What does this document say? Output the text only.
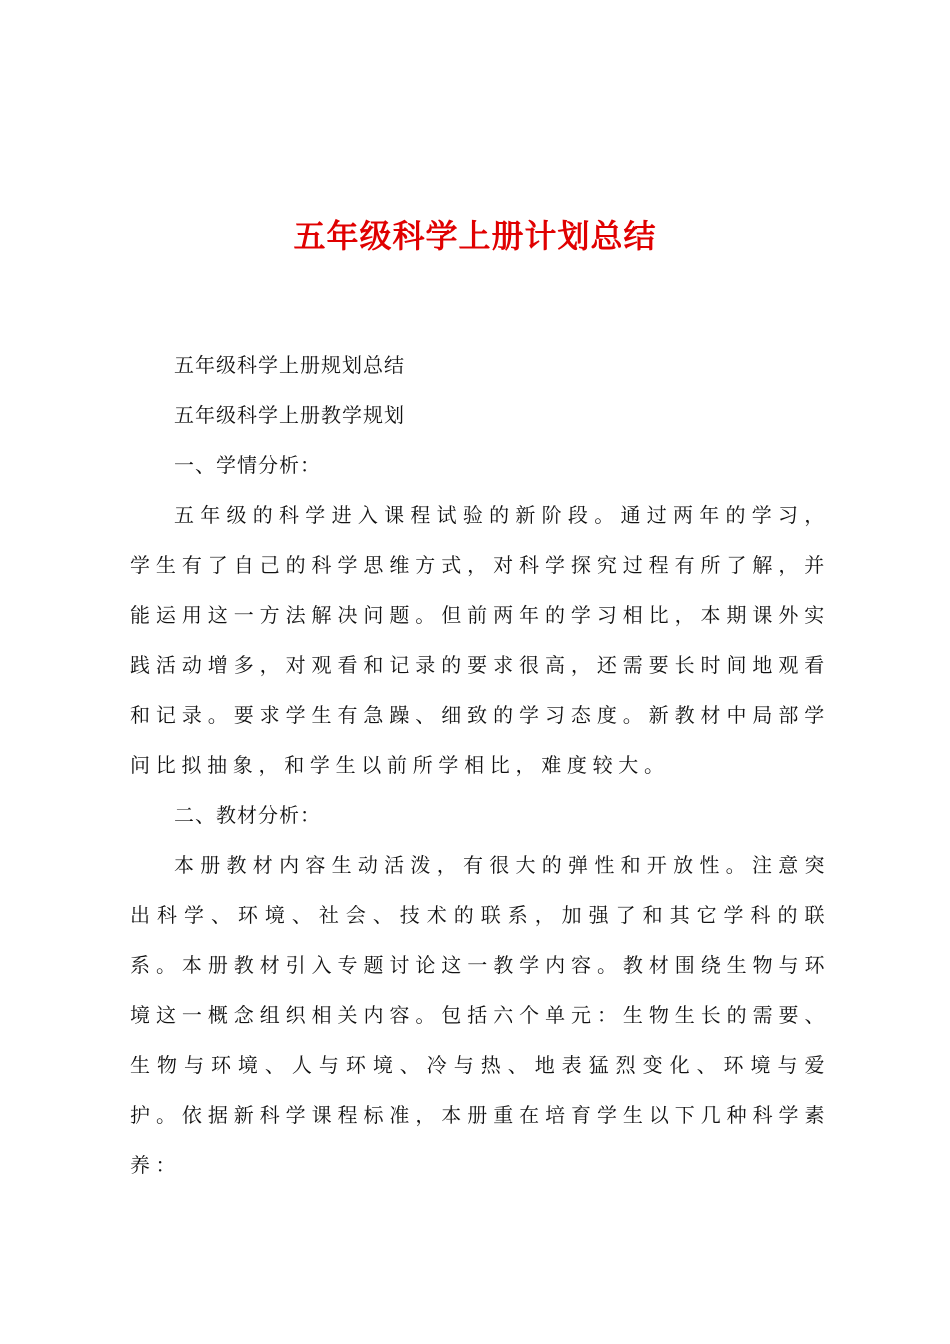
五年级科学上册计划总结

五年级科学上册规划总结

五年级科学上册教学规划

一、学情分析：

五年级的科学进入课程试验的新阶段。通过两年的学习，学生有了自己的科学思维方式，对科学探究过程有所了解，并能运用这一方法解决问题。但前两年的学习相比，本期课外实践活动增多，对观看和记录的要求很高，还需要长时间地观看和记录。要求学生有急躁、细致的学习态度。新教材中局部学问比拟抽象，和学生以前所学相比，难度较大。

二、教材分析：

本册教材内容生动活泼，有很大的弹性和开放性。注意突出科学、环境、社会、技术的联系，加强了和其它学科的联系。本册教材引入专题讨论这一教学内容。教材围绕生物与环境这一概念组织相关内容。包括六个单元：生物生长的需要、生物与环境、人与环境、冷与热、地表猛烈变化、环境与爱护。依据新科学课程标准，本册重在培育学生以下几种科学素养：
